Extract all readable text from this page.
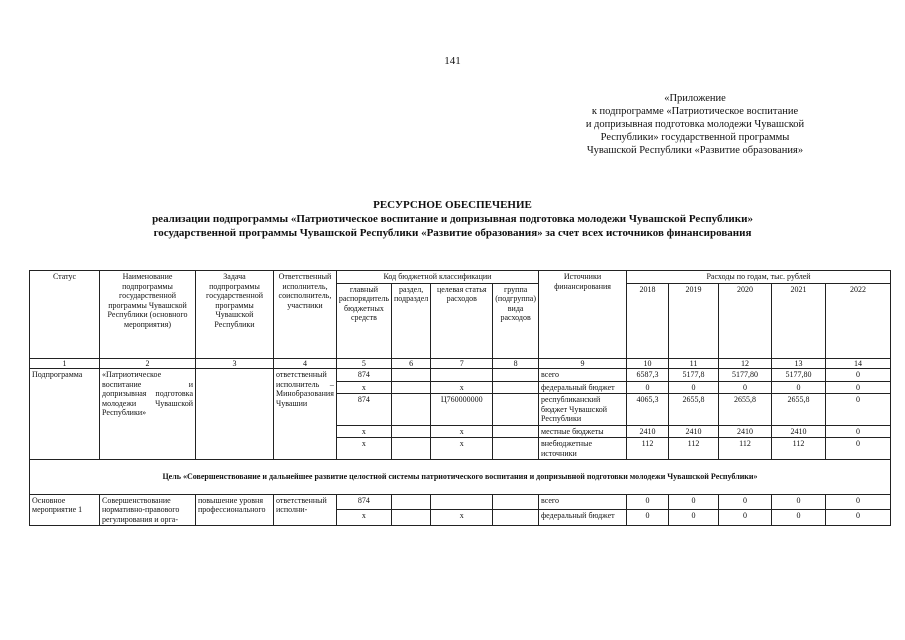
141
«Приложение
к подпрограмме «Патриотическое воспитание
и допризывная подготовка молодежи Чувашской
Республики» государственной программы
Чувашской Республики «Развитие образования»
РЕСУРСНОЕ ОБЕСПЕЧЕНИЕ
реализации подпрограммы «Патриотическое воспитание и допризывная подготовка молодежи Чувашской Республики»
государственной программы Чувашской Республики «Развитие образования» за счет всех источников финансирования
Статус	Наименование подпрограммы государственной программы Чувашской Республики (основного мероприятия)	Задача подпрограммы государственной программы Чувашской Республики	Ответственный исполнитель, соисполнитель, участники	Код бюджетной классификации				Источники финансирования	Расходы по годам, тыс. рублей				
				главный распорядитель бюджетных средств	раздел, подраздел	целевая статья расходов	группа (подгруппа) вида расходов		2018	2019	2020	2021	2022
1	2	3	4	5	6	7	8	9	10	11	12	13	14
Подпрограмма	«Патриотическое воспитание и допризывная подготовка молодежи Чувашской Республики»		ответственный исполнитель – Минобразования Чувашии	874				всего	6587,3	5177,8	5177,80	5177,80	0
				x		x		федеральный бюджет	0	0	0	0	0
				874		Ц760000000		республиканский бюджет Чувашской Республики	4065,3	2655,8	2655,8	2655,8	0
				x		x		местные бюджеты	2410	2410	2410	2410	0
				x		x		внебюджетные источники	112	112	112	112	0
Цель «Совершенствование и дальнейшее развитие целостной системы патриотического воспитания и допризывной подготовки молодежи Чувашской Республики»													
Основное мероприятие 1	Совершенствование нормативно-правового регулирования и орга-	повышение уровня профессионального	ответственный исполни-	874				всего	0	0	0	0	0
				x		x		федеральный бюджет	0	0	0	0	0
